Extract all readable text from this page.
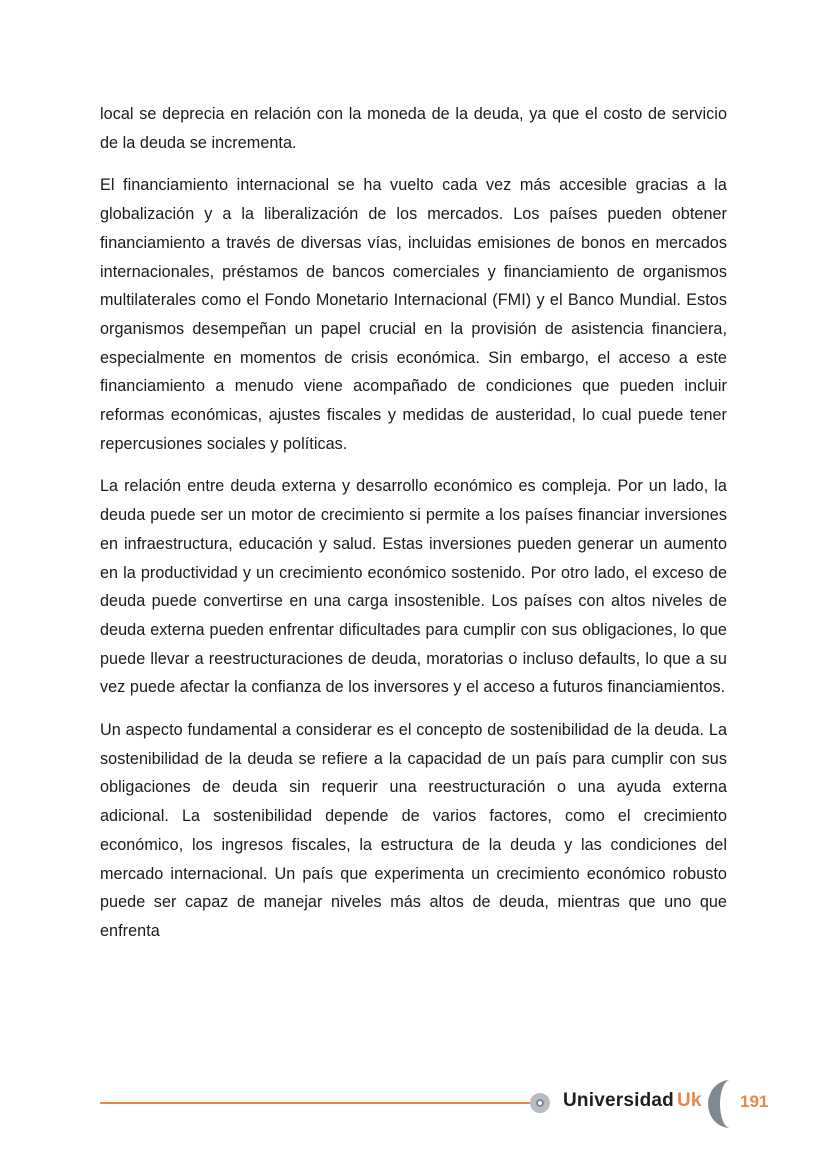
local se deprecia en relación con la moneda de la deuda, ya que el costo de servicio de la deuda se incrementa.

El financiamiento internacional se ha vuelto cada vez más accesible gracias a la globalización y a la liberalización de los mercados. Los países pueden obtener financiamiento a través de diversas vías, incluidas emisiones de bonos en mercados internacionales, préstamos de bancos comerciales y financiamiento de organismos multilaterales como el Fondo Monetario Internacional (FMI) y el Banco Mundial. Estos organismos desempeñan un papel crucial en la provisión de asistencia financiera, especialmente en momentos de crisis económica. Sin embargo, el acceso a este financiamiento a menudo viene acompañado de condiciones que pueden incluir reformas económicas, ajustes fiscales y medidas de austeridad, lo cual puede tener repercusiones sociales y políticas.

La relación entre deuda externa y desarrollo económico es compleja. Por un lado, la deuda puede ser un motor de crecimiento si permite a los países financiar inversiones en infraestructura, educación y salud. Estas inversiones pueden generar un aumento en la productividad y un crecimiento económico sostenido. Por otro lado, el exceso de deuda puede convertirse en una carga insostenible. Los países con altos niveles de deuda externa pueden enfrentar dificultades para cumplir con sus obligaciones, lo que puede llevar a reestructuraciones de deuda, moratorias o incluso defaults, lo que a su vez puede afectar la confianza de los inversores y el acceso a futuros financiamientos.

Un aspecto fundamental a considerar es el concepto de sostenibilidad de la deuda. La sostenibilidad de la deuda se refiere a la capacidad de un país para cumplir con sus obligaciones de deuda sin requerir una reestructuración o una ayuda externa adicional. La sostenibilidad depende de varios factores, como el crecimiento económico, los ingresos fiscales, la estructura de la deuda y las condiciones del mercado internacional. Un país que experimenta un crecimiento económico robusto puede ser capaz de manejar niveles más altos de deuda, mientras que uno que enfrenta

Universidad Uk 191
